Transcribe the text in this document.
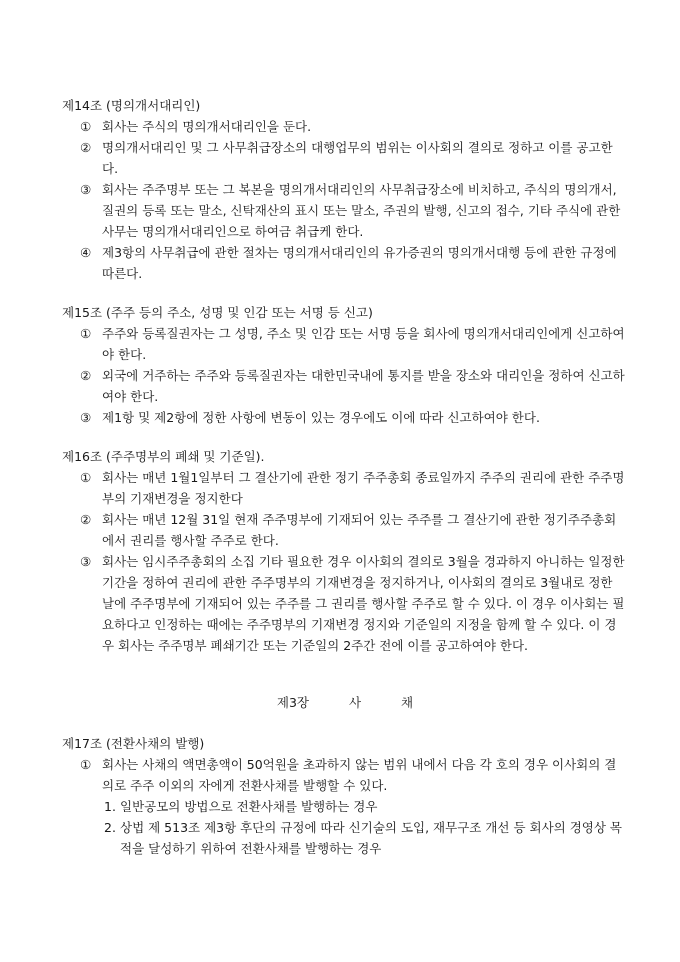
제14조 (명의개서대리인)
① 회사는 주식의 명의개서대리인을 둔다.
② 명의개서대리인 및 그 사무취급장소의 대행업무의 범위는 이사회의 결의로 정하고 이를 공고한다.
③ 회사는 주주명부 또는 그 복본을 명의개서대리인의 사무취급장소에 비치하고, 주식의 명의개서, 질권의 등록 또는 말소, 신탁재산의 표시 또는 말소, 주권의 발행, 신고의 접수, 기타 주식에 관한 사무는 명의개서대리인으로 하여금 취급케 한다.
④ 제3항의 사무취급에 관한 절차는 명의개서대리인의 유가증권의 명의개서대행 등에 관한 규정에 따른다.
제15조 (주주 등의 주소, 성명 및 인감 또는 서명 등 신고)
① 주주와 등록질권자는 그 성명, 주소 및 인감 또는 서명 등을 회사에 명의개서대리인에게 신고하여야 한다.
② 외국에 거주하는 주주와 등록질권자는 대한민국내에 통지를 받을 장소와 대리인을 정하여 신고하여야 한다.
③ 제1항 및 제2항에 정한 사항에 변동이 있는 경우에도 이에 따라 신고하여야 한다.
제16조 (주주명부의 폐쇄 및 기준일).
① 회사는 매년 1월1일부터 그 결산기에 관한 정기 주주총회 종료일까지 주주의 권리에 관한 주주명부의 기재변경을 정지한다
② 회사는 매년 12월 31일 현재 주주명부에 기재되어 있는 주주를 그 결산기에 관한 정기주주총회에서 권리를 행사할 주주로 한다.
③ 회사는 임시주주총회의 소집 기타 필요한 경우 이사회의 결의로 3월을 경과하지 아니하는 일정한 기간을 정하여 권리에 관한 주주명부의 기재변경을 정지하거나, 이사회의 결의로 3월내로 정한 날에 주주명부에 기재되어 있는 주주를 그 권리를 행사할 주주로 할 수 있다. 이 경우 이사회는 필요하다고 인정하는 때에는 주주명부의 기재변경 정지와 기준일의 지정을 함께 할 수 있다. 이 경우 회사는 주주명부 폐쇄기간 또는 기준일의 2주간 전에 이를 공고하여야 한다.
제3장	사	채
제17조 (전환사채의 발행)
① 회사는 사채의 액면총액이 50억원을 초과하지 않는 범위 내에서 다음 각 호의 경우 이사회의 결의로 주주 이외의 자에게 전환사채를 발행할 수 있다.
1. 일반공모의 방법으로 전환사채를 발행하는 경우
2. 상법 제 513조 제3항 후단의 규정에 따라 신기술의 도입, 재무구조 개선 등 회사의 경영상 목적을 달성하기 위하여 전환사채를 발행하는 경우
